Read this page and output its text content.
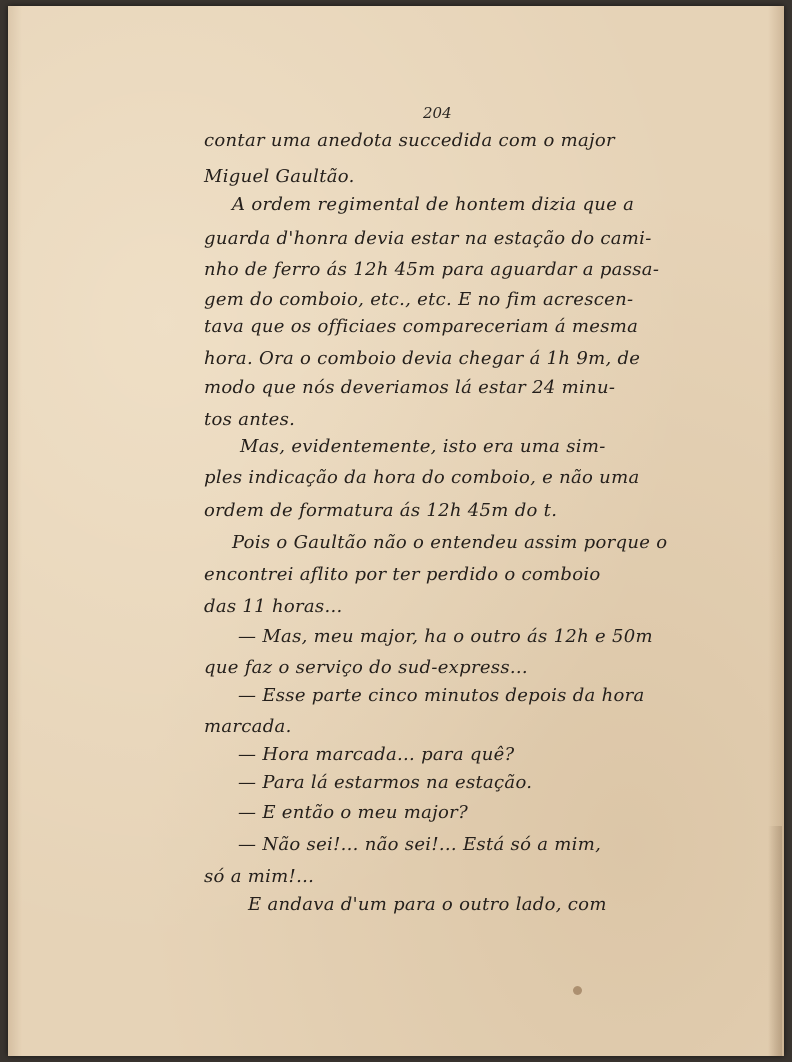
204
contar uma anedota succedida com o major
Miguel Gaultão.
A ordem regimental de hontem dizia que a
guarda d'honra devia estar na estação do cami-
nho de ferro ás 12h 45m para aguardar a passa-
gem do comboio, etc., etc. E no fim acrescen-
tava que os officiaes compareceriam á mesma
hora. Ora o comboio devia chegar á 1h 9m, de
modo que nós deveriamos lá estar 24 minu-
tos antes.
Mas, evidentemente, isto era uma sim-
ples indicação da hora do comboio, e não uma
ordem de formatura ás 12h 45m do t.
Pois o Gaultão não o entendeu assim porque o
encontrei aflito por ter perdido o comboio
das 11 horas...
— Mas, meu major, ha o outro ás 12h e 50m
que faz o serviço do sud-express...
— Esse parte cinco minutos depois da hora
marcada.
— Hora marcada... para quê?
— Para lá estarmos na estação.
— E então o meu major?
— Não sei!... não sei!... Está só a mim,
só a mim!...
E andava d'um para o outro lado, com
